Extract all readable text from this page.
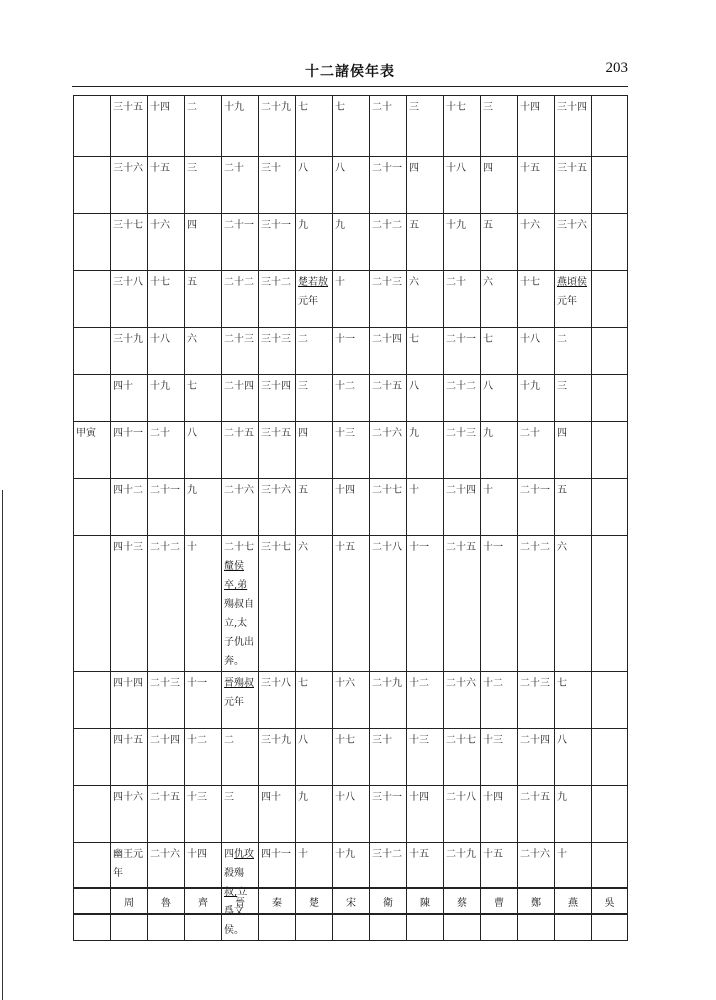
十二諸侯年表	203
	三十五	十四	二	十九	二十九	七	七	二十	三	十七	三	十四	三十四	
	三十六	十五	三	二十	三十	八	八	二十一	四	十八	四	十五	三十五	
	三十七	十六	四	二十一	三十一	九	九	二十二	五	十九	五	十六	三十六	
	三十八	十七	五	二十二	三十二	楚若敖元年	十	二十三	六	二十	六	十七	燕頃侯元年	
	三十九	十八	六	二十三	三十三	二	十一	二十四	七	二十一	七	十八	二	
	四十	十九	七	二十四	三十四	三	十二	二十五	八	二十二	八	十九	三	
甲寅	四十一	二十	八	二十五	三十五	四	十三	二十六	九	二十三	九	二十	四	
	四十二	二十一	九	二十六	三十六	五	十四	二十七	十	二十四	十	二十一	五	
	四十三	二十二	十	二十七釐侯卒,弟殤叔自立,太子仇出奔。	三十七	六	十五	二十八	十一	二十五	十一	二十二	六	
	四十四	二十三	十一	晉殤叔元年	三十八	七	十六	二十九	十二	二十六	十二	二十三	七	
	四十五	二十四	十二	二	三十九	八	十七	三十	十三	二十七	十三	二十四	八	
	四十六	二十五	十三	三	四十	九	十八	三十一	十四	二十八	十四	二十五	九	
	幽王元年	二十六	十四	四仇攻殺殤叔,立爲文侯。	四十一	十	十九	三十二	十五	二十九	十五	二十六	十	
	周	魯	齊	晉	秦	楚	宋	衛	陳	蔡	曹	鄭	燕	吳
